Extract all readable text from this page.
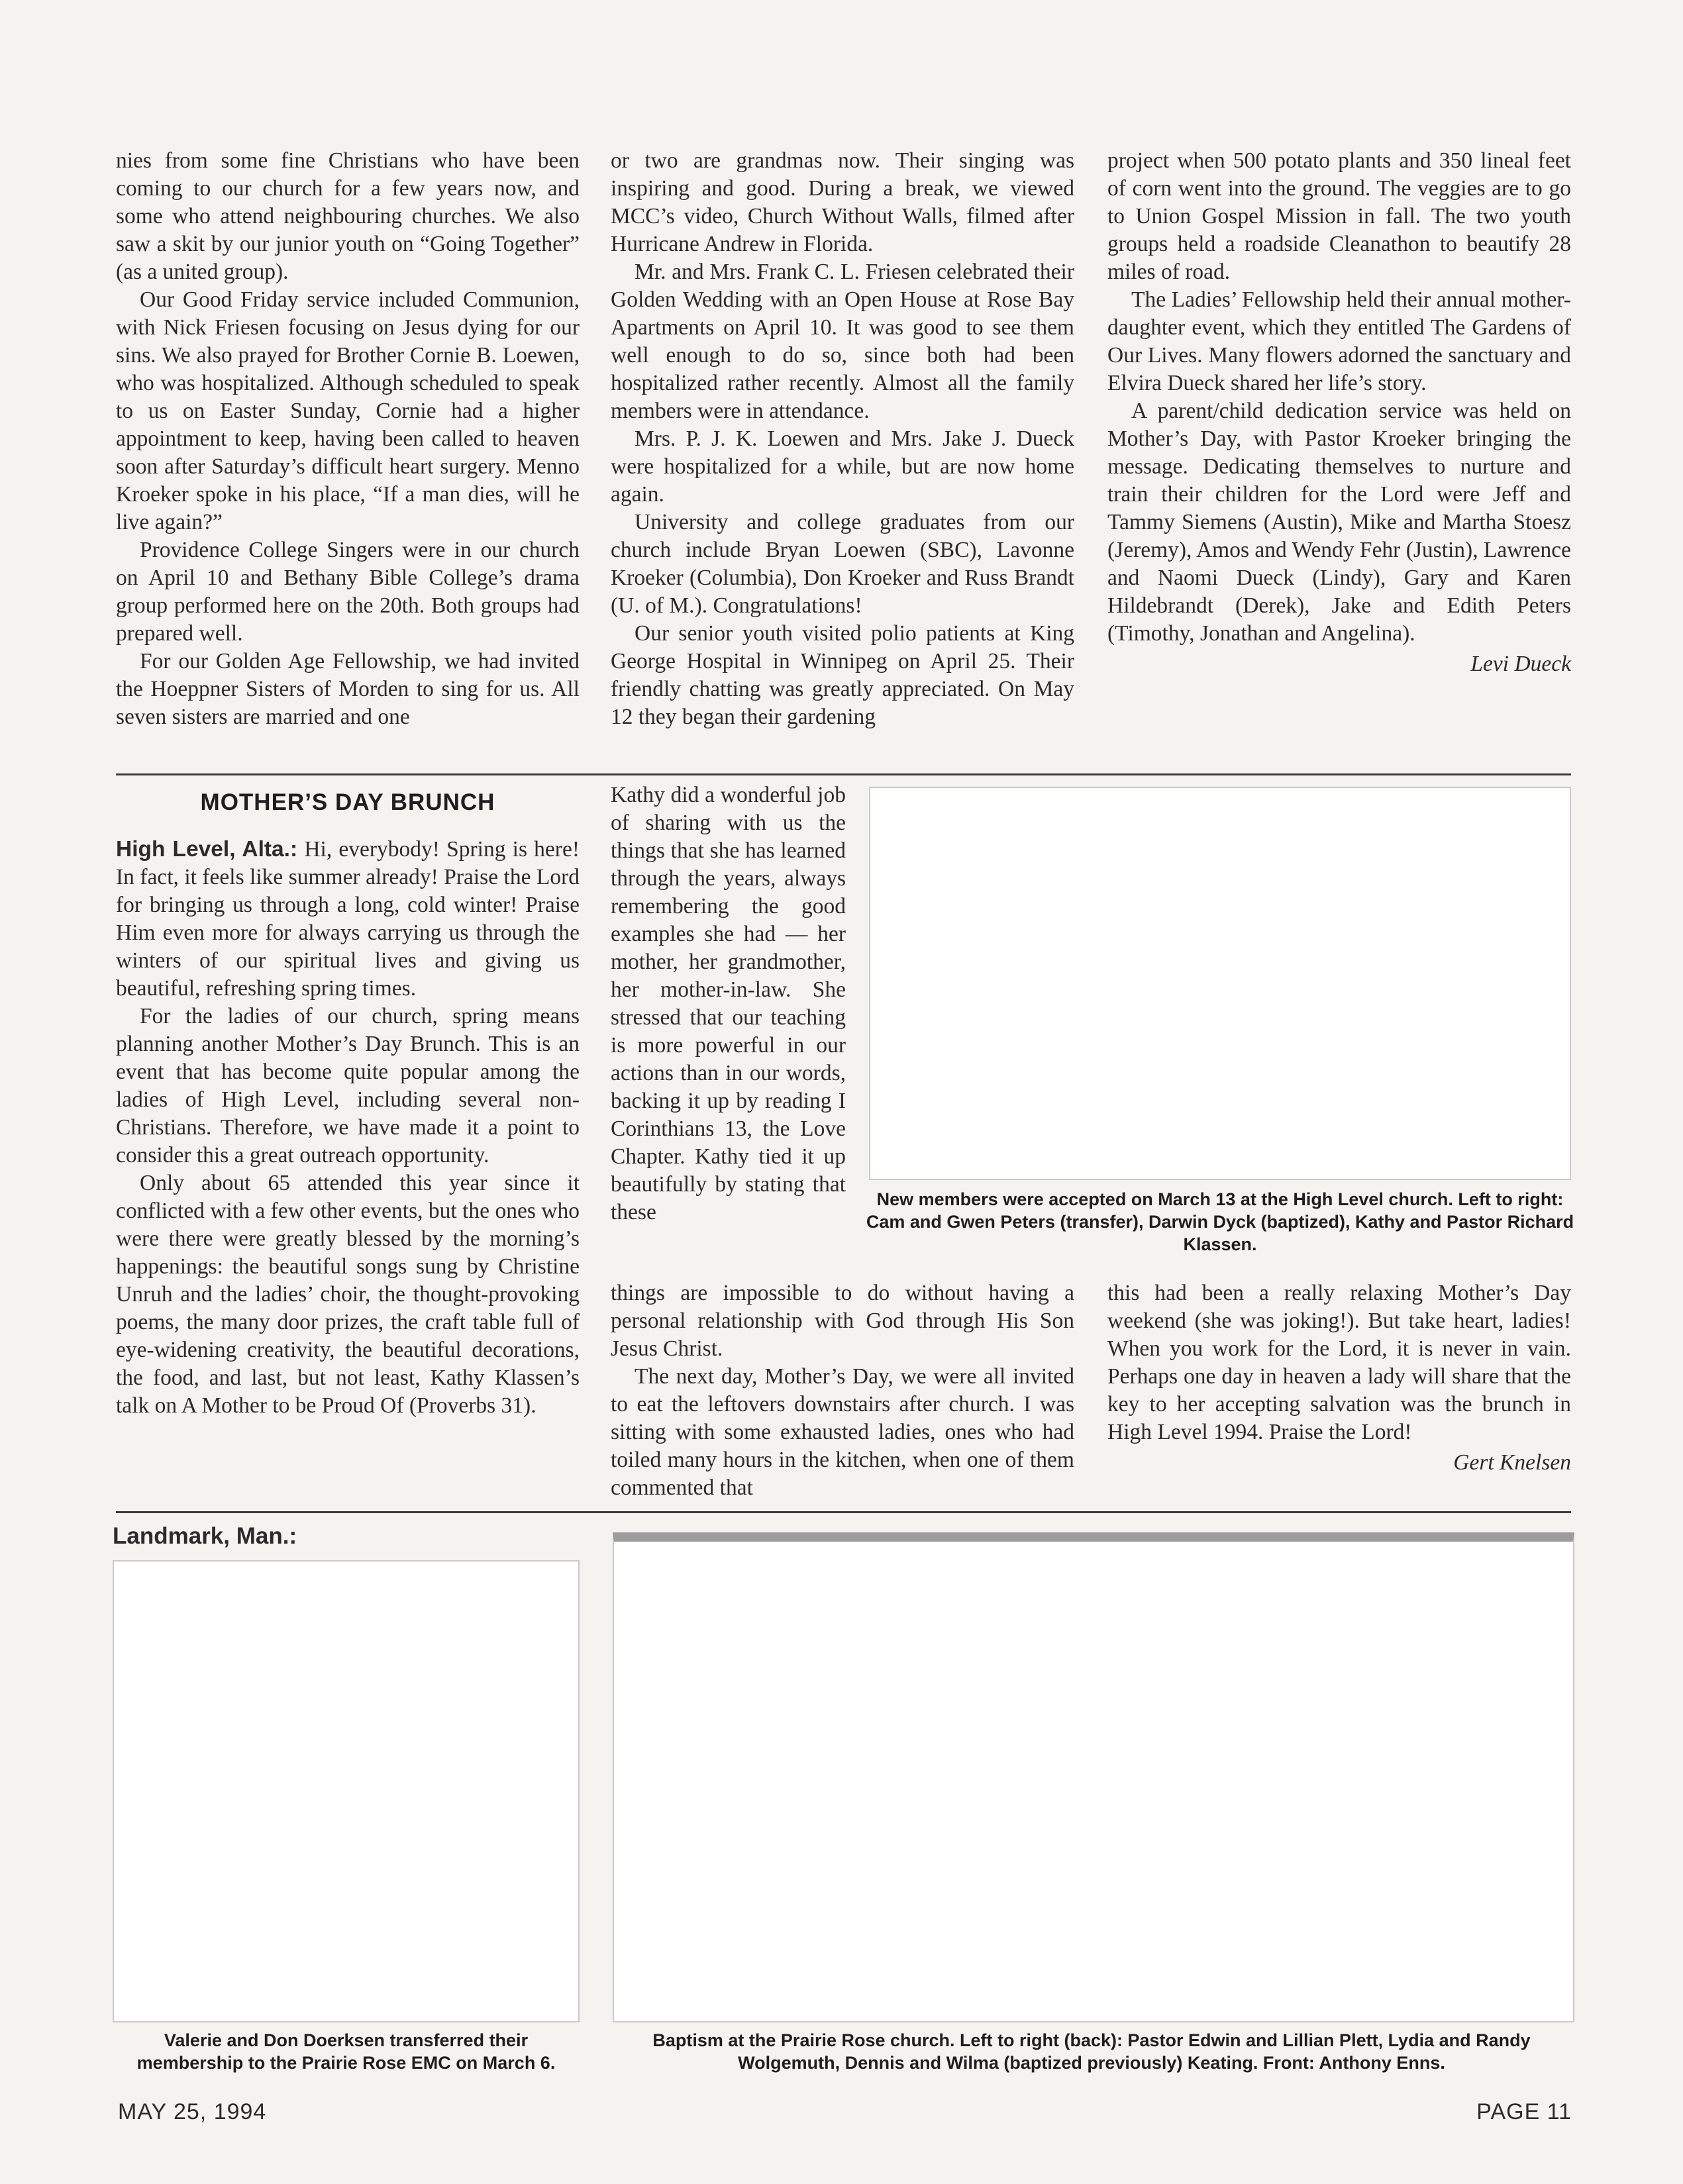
nies from some fine Christians who have been coming to our church for a few years now, and some who attend neighbouring churches. We also saw a skit by our junior youth on “Going Together” (as a united group).

Our Good Friday service included Communion, with Nick Friesen focusing on Jesus dying for our sins. We also prayed for Brother Cornie B. Loewen, who was hospitalized. Although scheduled to speak to us on Easter Sunday, Cornie had a higher appointment to keep, having been called to heaven soon after Saturday’s difficult heart surgery. Menno Kroeker spoke in his place, “If a man dies, will he live again?”

Providence College Singers were in our church on April 10 and Bethany Bible College’s drama group performed here on the 20th. Both groups had prepared well.

For our Golden Age Fellowship, we had invited the Hoeppner Sisters of Morden to sing for us. All seven sisters are married and one

or two are grandmas now. Their singing was inspiring and good. During a break, we viewed MCC’s video, Church Without Walls, filmed after Hurricane Andrew in Florida.

Mr. and Mrs. Frank C. L. Friesen celebrated their Golden Wedding with an Open House at Rose Bay Apartments on April 10. It was good to see them well enough to do so, since both had been hospitalized rather recently. Almost all the family members were in attendance.

Mrs. P. J. K. Loewen and Mrs. Jake J. Dueck were hospitalized for a while, but are now home again.

University and college graduates from our church include Bryan Loewen (SBC), Lavonne Kroeker (Columbia), Don Kroeker and Russ Brandt (U. of M.). Congratulations!

Our senior youth visited polio patients at King George Hospital in Winnipeg on April 25. Their friendly chatting was greatly appreciated. On May 12 they began their gardening

project when 500 potato plants and 350 lineal feet of corn went into the ground. The veggies are to go to Union Gospel Mission in fall. The two youth groups held a roadside Cleanathon to beautify 28 miles of road.

The Ladies’ Fellowship held their annual mother-daughter event, which they entitled The Gardens of Our Lives. Many flowers adorned the sanctuary and Elvira Dueck shared her life’s story.

A parent/child dedication service was held on Mother’s Day, with Pastor Kroeker bringing the message. Dedicating themselves to nurture and train their children for the Lord were Jeff and Tammy Siemens (Austin), Mike and Martha Stoesz (Jeremy), Amos and Wendy Fehr (Justin), Lawrence and Naomi Dueck (Lindy), Gary and Karen Hildebrandt (Derek), Jake and Edith Peters (Timothy, Jonathan and Angelina).

Levi Dueck

MOTHER’S DAY BRUNCH

High Level, Alta.: Hi, everybody! Spring is here! In fact, it feels like summer already! Praise the Lord for bringing us through a long, cold winter! Praise Him even more for always carrying us through the winters of our spiritual lives and giving us beautiful, refreshing spring times.

For the ladies of our church, spring means planning another Mother’s Day Brunch. This is an event that has become quite popular among the ladies of High Level, including several non-Christians. Therefore, we have made it a point to consider this a great outreach opportunity.

Only about 65 attended this year since it conflicted with a few other events, but the ones who were there were greatly blessed by the morning’s happenings: the beautiful songs sung by Christine Unruh and the ladies’ choir, the thought-provoking poems, the many door prizes, the craft table full of eye-widening creativity, the beautiful decorations, the food, and last, but not least, Kathy Klassen’s talk on A Mother to be Proud Of (Proverbs 31).

Kathy did a wonderful job of sharing with us the things that she has learned through the years, always remembering the good examples she had — her mother, her grandmother, her mother-in-law. She stressed that our teaching is more powerful in our actions than in our words, backing it up by reading I Corinthians 13, the Love Chapter. Kathy tied it up beautifully by stating that these

New members were accepted on March 13 at the High Level church. Left to right: Cam and Gwen Peters (transfer), Darwin Dyck (baptized), Kathy and Pastor Richard Klassen.

things are impossible to do without having a personal relationship with God through His Son Jesus Christ.

The next day, Mother’s Day, we were all invited to eat the leftovers downstairs after church. I was sitting with some exhausted ladies, ones who had toiled many hours in the kitchen, when one of them commented that

this had been a really relaxing Mother’s Day weekend (she was joking!). But take heart, ladies! When you work for the Lord, it is never in vain. Perhaps one day in heaven a lady will share that the key to her accepting salvation was the brunch in High Level 1994. Praise the Lord!

Gert Knelsen

Landmark, Man.:

Valerie and Don Doerksen transferred their membership to the Prairie Rose EMC on March 6.

Baptism at the Prairie Rose church. Left to right (back): Pastor Edwin and Lillian Plett, Lydia and Randy Wolgemuth, Dennis and Wilma (baptized previously) Keating. Front: Anthony Enns.

MAY 25, 1994	PAGE 11
